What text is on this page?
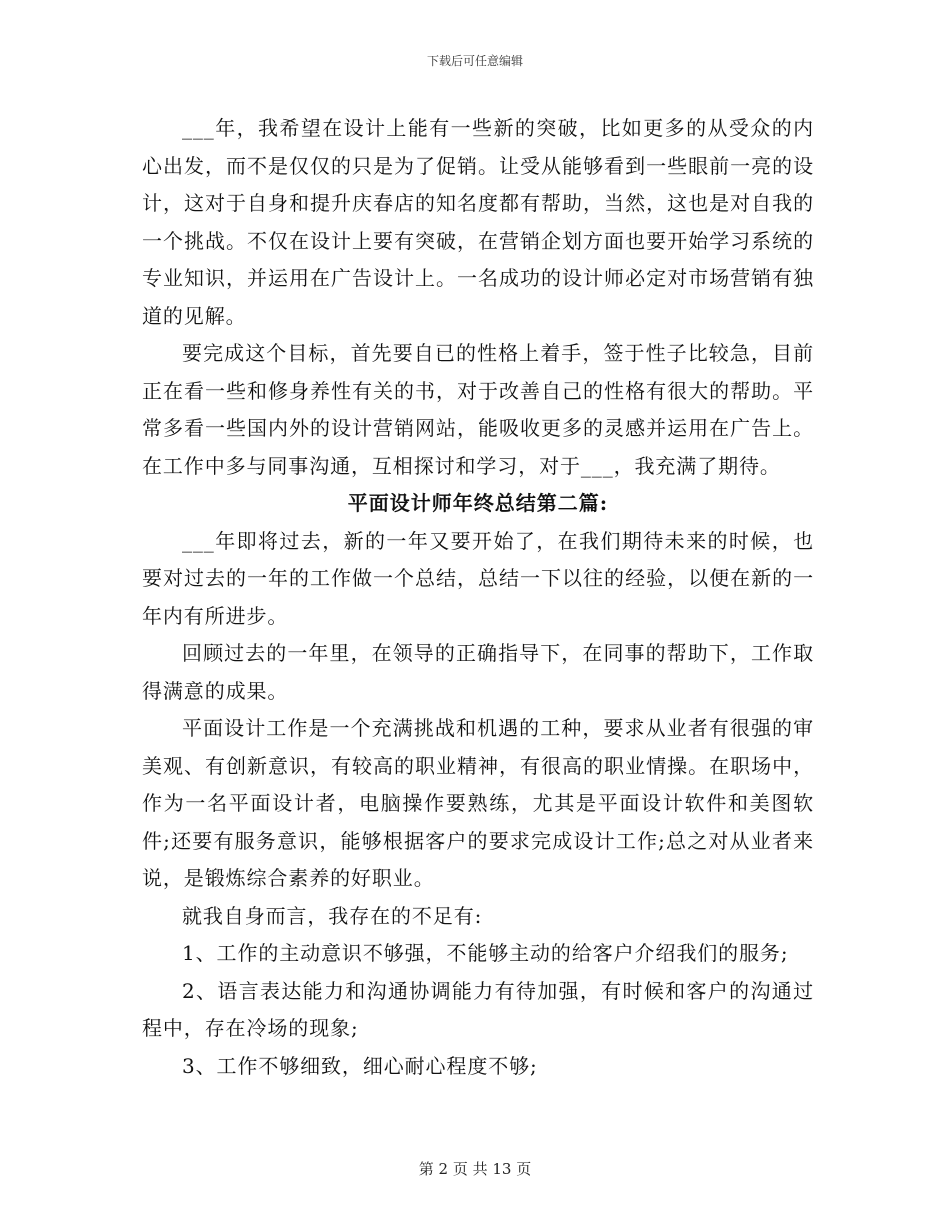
下载后可任意编辑

___年，我希望在设计上能有一些新的突破，比如更多的从受众的内心出发，而不是仅仅的只是为了促销。让受从能够看到一些眼前一亮的设计，这对于自身和提升庆春店的知名度都有帮助，当然，这也是对自我的一个挑战。不仅在设计上要有突破，在营销企划方面也要开始学习系统的专业知识，并运用在广告设计上。一名成功的设计师必定对市场营销有独道的见解。

要完成这个目标，首先要自已的性格上着手，签于性子比较急，目前正在看一些和修身养性有关的书，对于改善自己的性格有很大的帮助。平常多看一些国内外的设计营销网站，能吸收更多的灵感并运用在广告上。在工作中多与同事沟通，互相探讨和学习，对于___，我充满了期待。

平面设计师年终总结第二篇:

___年即将过去，新的一年又要开始了，在我们期待未来的时候，也要对过去的一年的工作做一个总结，总结一下以往的经验，以便在新的一年内有所进步。

回顾过去的一年里，在领导的正确指导下，在同事的帮助下，工作取得满意的成果。

平面设计工作是一个充满挑战和机遇的工种，要求从业者有很强的审美观、有创新意识，有较高的职业精神，有很高的职业情操。在职场中，作为一名平面设计者，电脑操作要熟练，尤其是平面设计软件和美图软件;还要有服务意识，能够根据客户的要求完成设计工作;总之对从业者来说，是锻炼综合素养的好职业。

就我自身而言，我存在的不足有:

1、工作的主动意识不够强，不能够主动的给客户介绍我们的服务;

2、语言表达能力和沟通协调能力有待加强，有时候和客户的沟通过程中，存在冷场的现象;

3、工作不够细致，细心耐心程度不够;

第 2 页 共 13 页
